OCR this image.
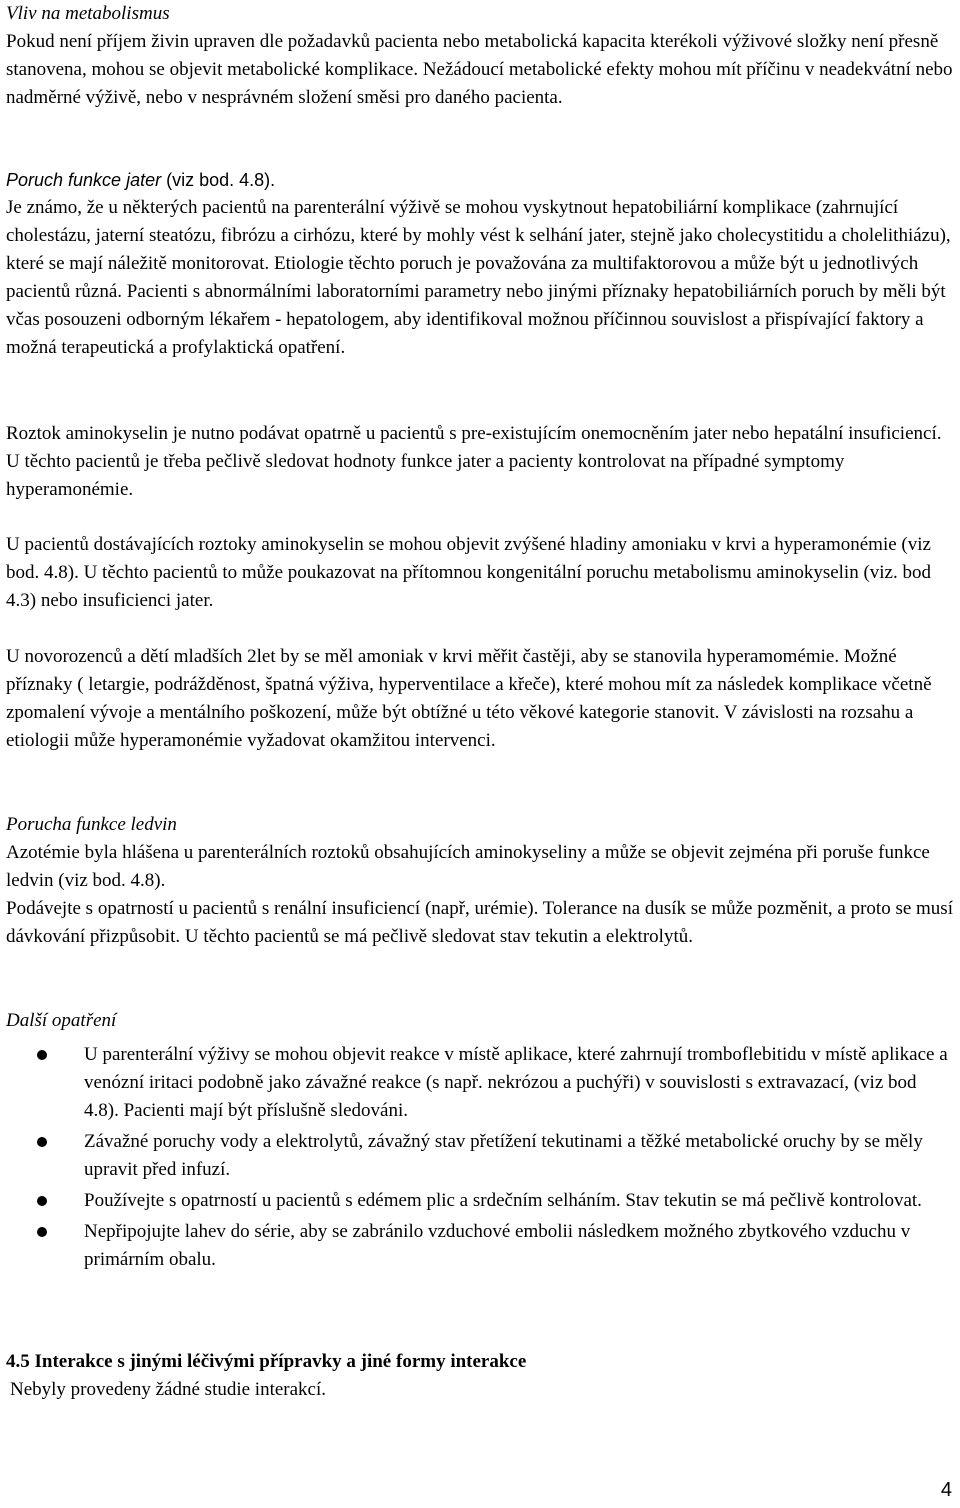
Vliv na metabolismus

Pokud není příjem živin upraven dle požadavků pacienta nebo metabolická kapacita kterékoli výživové složky není přesně stanovena, mohou se objevit metabolické komplikace. Nežádoucí metabolické efekty mohou mít příčinu v neadekvátní nebo nadměrné výživě, nebo v nesprávném složení směsi pro daného pacienta.

Poruch funkce jater (viz bod. 4.8).

Je známo, že u některých pacientů na parenterální výživě se mohou vyskytnout hepatobiliární komplikace (zahrnující cholestázu, jaterní steatózu, fibrózu a cirhózu, které by mohly vést k selhání jater, stejně jako cholecystitidu a cholelithiázu), které se mají náležitě monitorovat. Etiologie těchto poruch je považována za multifaktorovou a může být u jednotlivých pacientů různá. Pacienti s abnormálními laboratorními parametry nebo jinými příznaky hepatobiliárních poruch by měli být včas posouzeni odborným lékařem - hepatologem, aby identifikoval možnou příčinnou souvislost a přispívající faktory a možná terapeutická a profylaktická opatření.

Roztok aminokyselin je nutno podávat opatrně u pacientů s pre-existujícím onemocněním jater nebo hepatální insuficiencí. U těchto pacientů je třeba pečlivě sledovat hodnoty funkce jater a pacienty kontrolovat na případné symptomy hyperamonémie.

U pacientů dostávajících roztoky aminokyselin se mohou objevit zvýšené hladiny amoniaku v krvi a hyperamonémie (viz bod. 4.8). U těchto pacientů to může poukazovat na přítomnou kongenitální poruchu metabolismu aminokyselin (viz. bod 4.3) nebo insuficienci jater.

U novorozenců a dětí mladších 2let by se měl amoniak v krvi měřit častěji, aby se stanovila hyperamomémie. Možné příznaky ( letargie, podrážděnost, špatná výživa, hyperventilace a křeče), které mohou mít za následek komplikace včetně zpomalení vývoje a mentálního poškození, může být obtížné u této věkové kategorie stanovit. V závislosti na rozsahu a etiologii může hyperamonémie vyžadovat okamžitou intervenci.

Porucha funkce ledvin

Azotémie byla hlášena u parenterálních roztoků obsahujících aminokyseliny a může se objevit zejména při poruše funkce ledvin (viz bod. 4.8).

Podávejte s opatrností u pacientů s renální insuficiencí (např, urémie). Tolerance na dusík se může pozměnit, a proto se musí dávkování přizpůsobit. U těchto pacientů se má pečlivě sledovat stav tekutin a elektrolytů.

Další opatření
U parenterální výživy se mohou objevit reakce v místě aplikace, které zahrnují tromboflebitidu v místě aplikace a venózní iritaci podobně jako závažné reakce (s např. nekrózou a puchýři) v souvislosti s extravazací, (viz bod 4.8). Pacienti mají být příslušně sledováni.
Závažné poruchy vody a elektrolytů, závažný stav přetížení tekutinami a těžké metabolické oruchy by se měly upravit před infuzí.
Používejte s opatrností u pacientů s edémem plic a srdečním selháním. Stav tekutin se má pečlivě kontrolovat.
Nepřipojujte lahev do série, aby se zabránilo vzduchové embolii následkem možného zbytkového vzduchu v primárním obalu.
4.5 Interakce s jinými léčivými přípravky a jiné formy interakce
Nebyly provedeny žádné studie interakcí.
4
